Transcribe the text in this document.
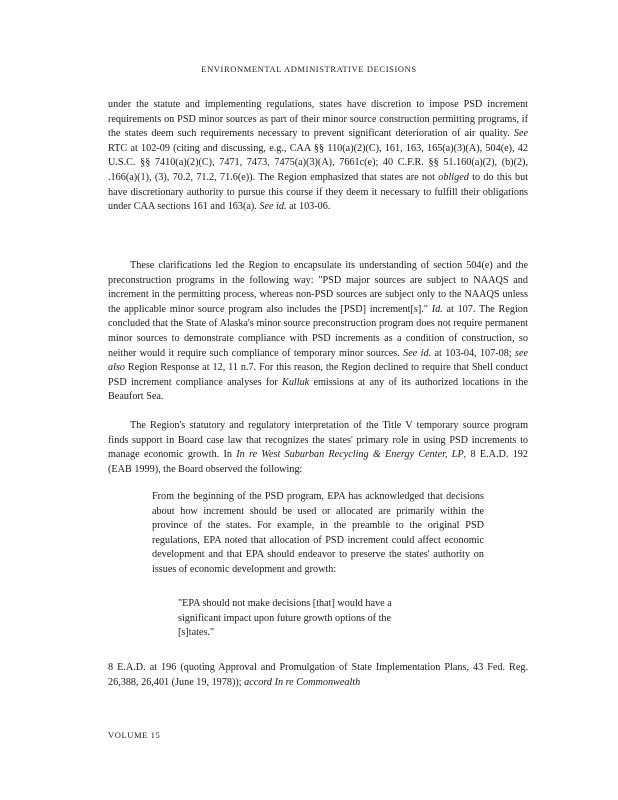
ENVIRONMENTAL ADMINISTRATIVE DECISIONS

under the statute and implementing regulations, states have discretion to impose PSD increment requirements on PSD minor sources as part of their minor source construction permitting programs, if the states deem such requirements necessary to prevent significant deterioration of air quality. See RTC at 102-09 (citing and discussing, e.g., CAA §§ 110(a)(2)(C), 161, 163, 165(a)(3)(A), 504(e), 42 U.S.C. §§ 7410(a)(2)(C), 7471, 7473, 7475(a)(3)(A), 7661c(e); 40 C.F.R. §§ 51.160(a)(2), (b)(2), .166(a)(1), (3), 70.2, 71.2, 71.6(e)). The Region emphasized that states are not obliged to do this but have discretionary authority to pursue this course if they deem it necessary to fulfill their obligations under CAA sections 161 and 163(a). See id. at 103-06.

These clarifications led the Region to encapsulate its understanding of section 504(e) and the preconstruction programs in the following way: "PSD major sources are subject to NAAQS and increment in the permitting process, whereas non-PSD sources are subject only to the NAAQS unless the applicable minor source program also includes the [PSD] increment[s]." Id. at 107. The Region concluded that the State of Alaska's minor source preconstruction program does not require permanent minor sources to demonstrate compliance with PSD increments as a condition of construction, so neither would it require such compliance of temporary minor sources. See id. at 103-04, 107-08; see also Region Response at 12, 11 n.7. For this reason, the Region declined to require that Shell conduct PSD increment compliance analyses for Kulluk emissions at any of its authorized locations in the Beaufort Sea.

The Region's statutory and regulatory interpretation of the Title V temporary source program finds support in Board case law that recognizes the states' primary role in using PSD increments to manage economic growth. In In re West Suburban Recycling & Energy Center, LP, 8 E.A.D. 192 (EAB 1999), the Board observed the following:

From the beginning of the PSD program, EPA has acknowledged that decisions about how increment should be used or allocated are primarily within the province of the states. For example, in the preamble to the original PSD regulations, EPA noted that allocation of PSD increment could affect economic development and that EPA should endeavor to preserve the states' authority on issues of economic development and growth:

"EPA should not make decisions [that] would have a significant impact upon future growth options of the [s]tates."

8 E.A.D. at 196 (quoting Approval and Promulgation of State Implementation Plans, 43 Fed. Reg. 26,388, 26,401 (June 19, 1978)); accord In re Commonwealth

VOLUME 15
